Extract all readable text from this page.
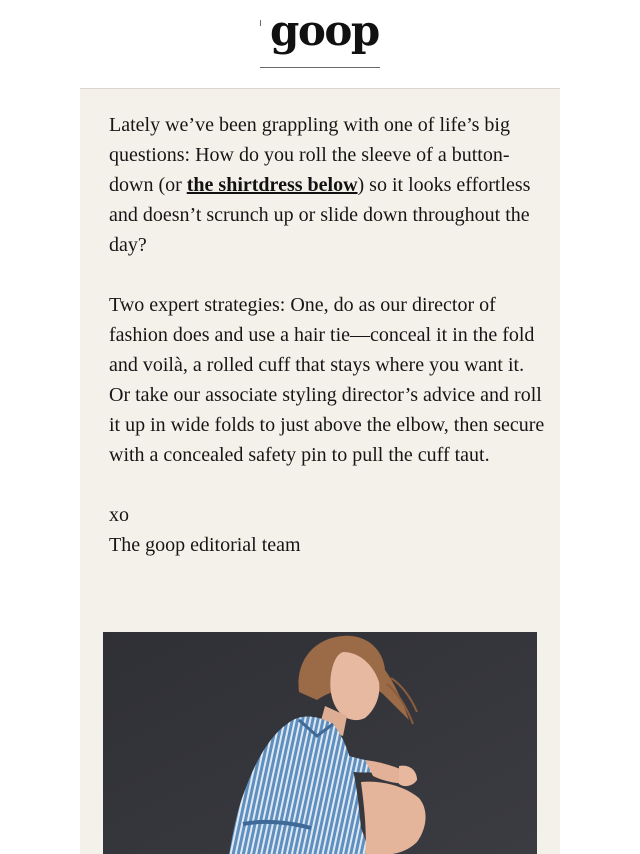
goop

Lately we’ve been grappling with one of life’s big questions: How do you roll the sleeve of a button-down (or the shirtdress below) so it looks effortless and doesn’t scrunch up or slide down throughout the day?

Two expert strategies: One, do as our director of fashion does and use a hair tie—conceal it in the fold and voilà, a rolled cuff that stays where you want it. Or take our associate styling director’s advice and roll it up in wide folds to just above the elbow, then secure with a concealed safety pin to pull the cuff taut.

xo

The goop editorial team
